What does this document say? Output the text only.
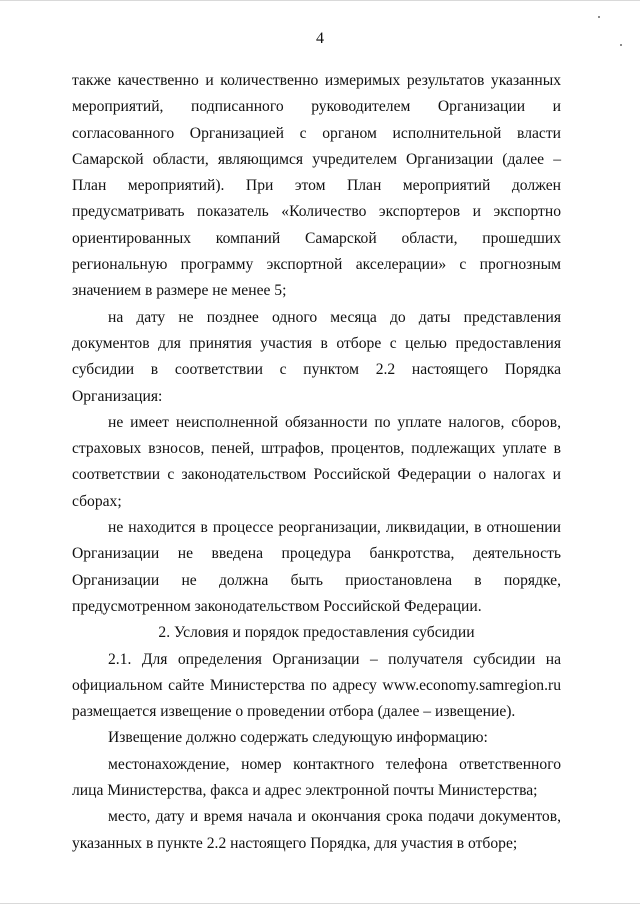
4

также качественно и количественно измеримых результатов указанных мероприятий, подписанного руководителем Организации и согласованного Организацией с органом исполнительной власти Самарской области, являющимся учредителем Организации (далее – План мероприятий). При этом План мероприятий должен предусматривать показатель «Количество экспортеров и экспортно ориентированных компаний Самарской области, прошедших региональную программу экспортной акселерации» с прогнозным значением в размере не менее 5;

на дату не позднее одного месяца до даты представления документов для принятия участия в отборе с целью предоставления субсидии в соответствии с пунктом 2.2 настоящего Порядка Организация:

не имеет неисполненной обязанности по уплате налогов, сборов, страховых взносов, пеней, штрафов, процентов, подлежащих уплате в соответствии с законодательством Российской Федерации о налогах и сборах;

не находится в процессе реорганизации, ликвидации, в отношении Организации не введена процедура банкротства, деятельность Организации не должна быть приостановлена в порядке, предусмотренном законодательством Российской Федерации.

2. Условия и порядок предоставления субсидии

2.1. Для определения Организации – получателя субсидии на официальном сайте Министерства по адресу www.economy.samregion.ru размещается извещение о проведении отбора (далее – извещение).

Извещение должно содержать следующую информацию:

местонахождение, номер контактного телефона ответственного лица Министерства, факса и адрес электронной почты Министерства;

место, дату и время начала и окончания срока подачи документов, указанных в пункте 2.2 настоящего Порядка, для участия в отборе;
